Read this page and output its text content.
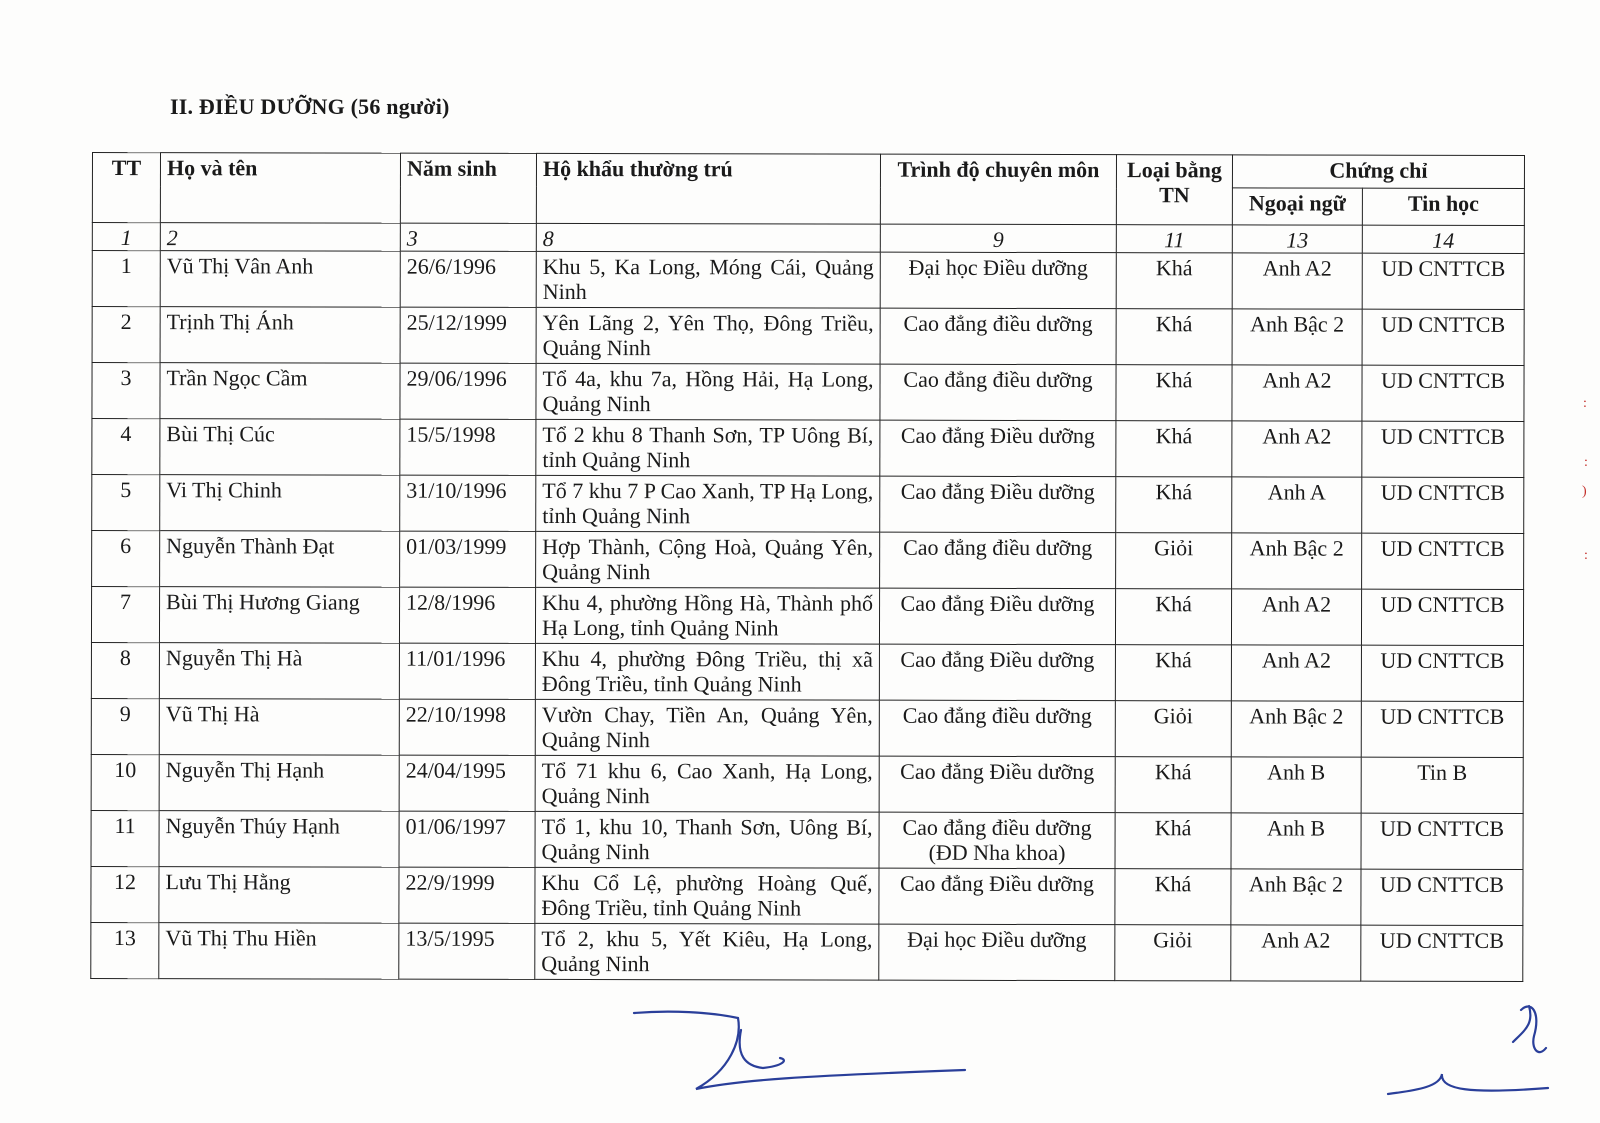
II. ĐIỀU DƯỠNG (56 người)
TT	Họ và tên	Năm sinh	Hộ khẩu thường trú	Trình độ chuyên môn	Loại bằng TN	Chứng chỉ	
						Ngoại ngữ	Tin học
1	2	3	8	9	11	13	14
1	Vũ Thị Vân Anh	26/6/1996	Khu 5, Ka Long, Móng Cái, Quảng Ninh	Đại học Điều dưỡng	Khá	Anh A2	UD CNTTCB
2	Trịnh Thị Ánh	25/12/1999	Yên Lãng 2, Yên Thọ, Đông Triều, Quảng Ninh	Cao đẳng điều dưỡng	Khá	Anh Bậc 2	UD CNTTCB
3	Trần Ngọc Cầm	29/06/1996	Tổ 4a, khu 7a, Hồng Hải, Hạ Long, Quảng Ninh	Cao đẳng điều dưỡng	Khá	Anh A2	UD CNTTCB
4	Bùi Thị Cúc	15/5/1998	Tổ 2 khu 8 Thanh Sơn, TP Uông Bí, tỉnh Quảng Ninh	Cao đẳng Điều dưỡng	Khá	Anh A2	UD CNTTCB
5	Vi Thị Chinh	31/10/1996	Tổ 7 khu 7 P Cao Xanh, TP Hạ Long, tỉnh Quảng Ninh	Cao đẳng Điều dưỡng	Khá	Anh A	UD CNTTCB
6	Nguyễn Thành Đạt	01/03/1999	Hợp Thành, Cộng Hoà, Quảng Yên, Quảng Ninh	Cao đẳng điều dưỡng	Giỏi	Anh Bậc 2	UD CNTTCB
7	Bùi Thị Hương Giang	12/8/1996	Khu 4, phường Hồng Hà, Thành phố Hạ Long, tỉnh Quảng Ninh	Cao đẳng Điều dưỡng	Khá	Anh A2	UD CNTTCB
8	Nguyễn Thị Hà	11/01/1996	Khu 4, phường Đông Triều, thị xã Đông Triều, tỉnh Quảng Ninh	Cao đẳng Điều dưỡng	Khá	Anh A2	UD CNTTCB
9	Vũ Thị Hà	22/10/1998	Vườn Chay, Tiền An, Quảng Yên, Quảng Ninh	Cao đẳng điều dưỡng	Giỏi	Anh Bậc 2	UD CNTTCB
10	Nguyễn Thị Hạnh	24/04/1995	Tổ 71 khu 6, Cao Xanh, Hạ Long, Quảng Ninh	Cao đẳng Điều dưỡng	Khá	Anh B	Tin B
11	Nguyễn Thúy Hạnh	01/06/1997	Tổ 1, khu 10, Thanh Sơn, Uông Bí, Quảng Ninh	Cao đẳng điều dưỡng (ĐD Nha khoa)	Khá	Anh B	UD CNTTCB
12	Lưu Thị Hằng	22/9/1999	Khu Cổ Lệ, phường Hoàng Quế, Đông Triều, tỉnh Quảng Ninh	Cao đẳng Điều dưỡng	Khá	Anh Bậc 2	UD CNTTCB
13	Vũ Thị Thu Hiền	13/5/1995	Tổ 2, khu 5, Yết Kiêu, Hạ Long, Quảng Ninh	Đại học Điều dưỡng	Giỏi	Anh A2	UD CNTTCB
:
:
)
:
